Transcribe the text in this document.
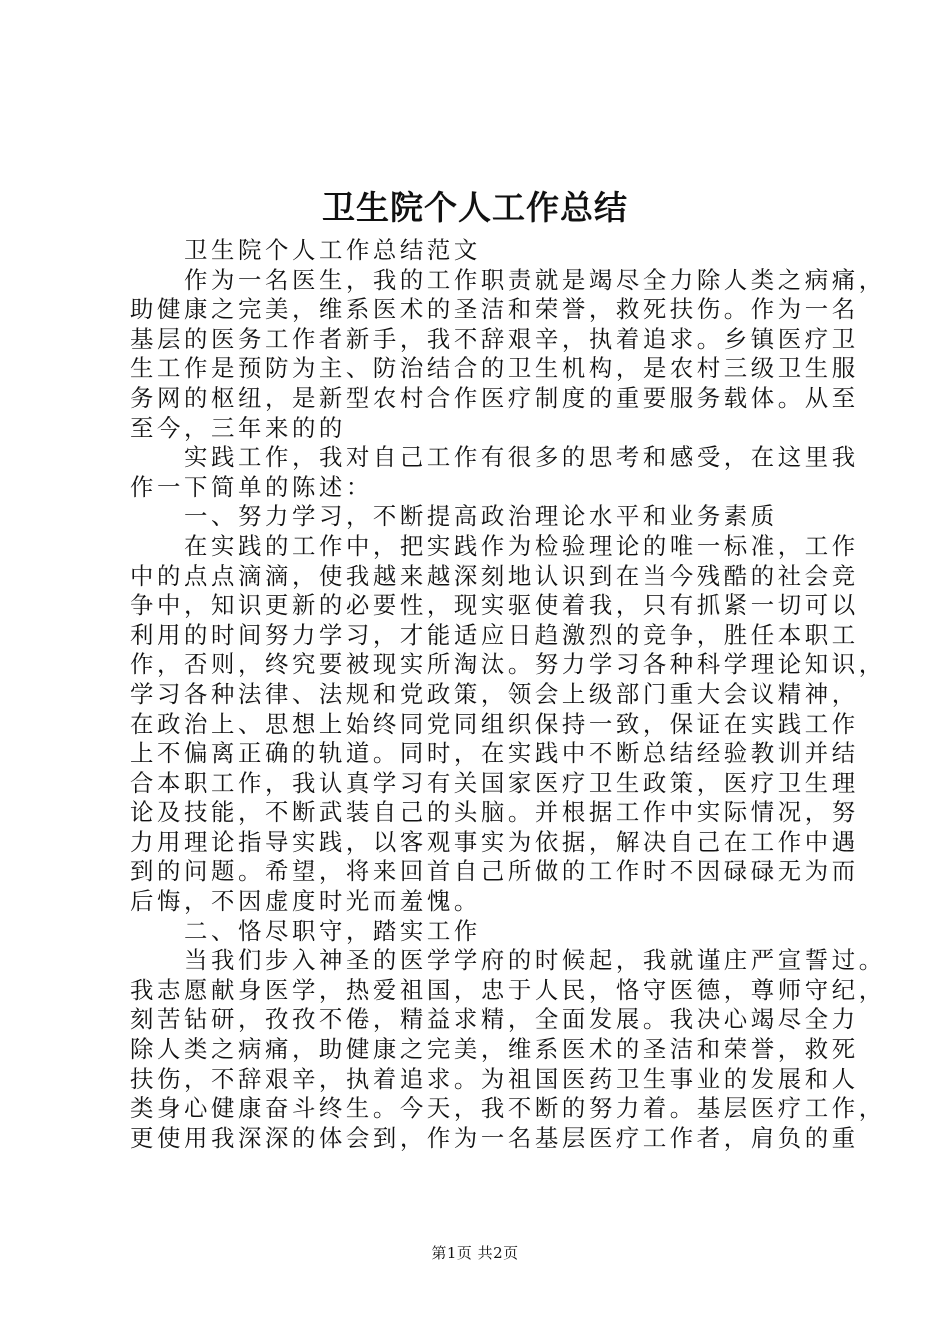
卫生院个人工作总结
卫生院个人工作总结范文
作为一名医生，我的工作职责就是竭尽全力除人类之病痛，
助健康之完美，维系医术的圣洁和荣誉，救死扶伤。作为一名
基层的医务工作者新手，我不辞艰辛，执着追求。乡镇医疗卫
生工作是预防为主、防治结合的卫生机构，是农村三级卫生服
务网的枢纽，是新型农村合作医疗制度的重要服务载体。从至
至今，三年来的的
实践工作，我对自己工作有很多的思考和感受，在这里我
作一下简单的陈述：
一、努力学习，不断提高政治理论水平和业务素质
在实践的工作中，把实践作为检验理论的唯一标准，工作
中的点点滴滴，使我越来越深刻地认识到在当今残酷的社会竞
争中，知识更新的必要性，现实驱使着我，只有抓紧一切可以
利用的时间努力学习，才能适应日趋激烈的竞争，胜任本职工
作，否则，终究要被现实所淘汰。努力学习各种科学理论知识，
学习各种法律、法规和党政策，领会上级部门重大会议精神，
在政治上、思想上始终同党同组织保持一致，保证在实践工作
上不偏离正确的轨道。同时，在实践中不断总结经验教训并结
合本职工作，我认真学习有关国家医疗卫生政策，医疗卫生理
论及技能，不断武装自己的头脑。并根据工作中实际情况，努
力用理论指导实践，以客观事实为依据，解决自己在工作中遇
到的问题。希望，将来回首自己所做的工作时不因碌碌无为而
后悔，不因虚度时光而羞愧。
二、恪尽职守，踏实工作
当我们步入神圣的医学学府的时候起，我就谨庄严宣誓过。
我志愿献身医学，热爱祖国，忠于人民，恪守医德，尊师守纪，
刻苦钻研，孜孜不倦，精益求精，全面发展。我决心竭尽全力
除人类之病痛，助健康之完美，维系医术的圣洁和荣誉，救死
扶伤，不辞艰辛，执着追求。为祖国医药卫生事业的发展和人
类身心健康奋斗终生。今天，我不断的努力着。基层医疗工作，
更使用我深深的体会到，作为一名基层医疗工作者，肩负的重
第1页 共2页
